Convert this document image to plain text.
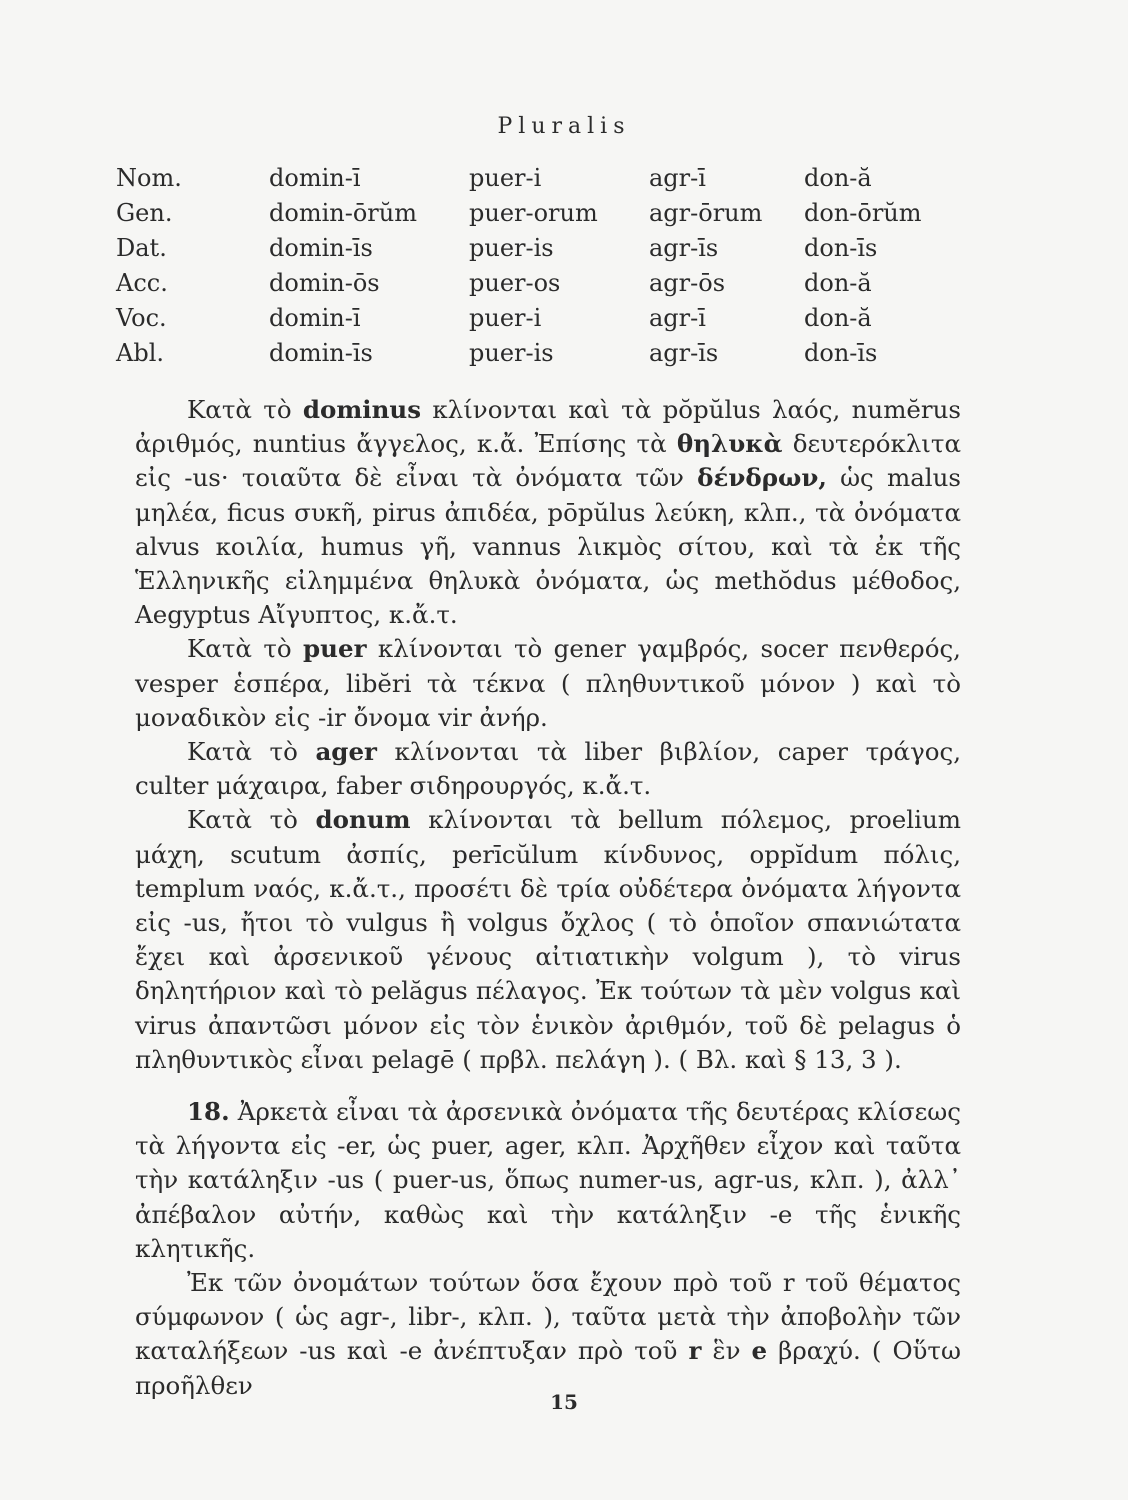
Pluralis
Nom.	domin-ī	puer-i	agr-ī	don-ă
Gen.	domin-ōrŭm	puer-orum	agr-ōrum	don-ōrŭm
Dat.	domin-īs	puer-is	agr-īs	don-īs
Acc.	domin-ōs	puer-os	agr-ōs	don-ă
Voc.	domin-ī	puer-i	agr-ī	don-ă
Abl.	domin-īs	puer-is	agr-īs	don-īs

Κατὰ τὸ dominus κλίνονται καὶ τὰ pŏpŭlus λαός, numĕrus ἀριθμός, nuntius ἄγγελος, κ.ἄ. Ἐπίσης τὰ θηλυκὰ δευτερόκλιτα εἰς -us· τοιαῦτα δὲ εἶναι τὰ ὀνόματα τῶν δένδρων, ὡς malus μηλέα, ficus συκῆ, pirus ἀπιδέα, pōpŭlus λεύκη, κλπ., τὰ ὀνόματα alvus κοιλία, humus γῆ, vannus λικμὸς σίτου, καὶ τὰ ἐκ τῆς Ἑλληνικῆς εἰλημμένα θηλυκὰ ὀνόματα, ὡς methŏdus μέθοδος, Aegyptus Αἴγυπτος, κ.ἄ.τ.

Κατὰ τὸ puer κλίνονται τὸ gener γαμβρός, socer πενθερός, vesper ἑσπέρα, libĕri τὰ τέκνα ( πληθυντικοῦ μόνον ) καὶ τὸ μοναδικὸν εἰς -ir ὄνομα vir ἀνήρ.

Κατὰ τὸ ager κλίνονται τὰ liber βιβλίον, caper τράγος, culter μάχαιρα, faber σιδηρουργός, κ.ἄ.τ.

Κατὰ τὸ donum κλίνονται τὰ bellum πόλεμος, proelium μάχη, scutum ἀσπίς, perīcŭlum κίνδυνος, oppĭdum πόλις, templum ναός, κ.ἄ.τ., προσέτι δὲ τρία οὐδέτερα ὀνόματα λήγοντα εἰς -us, ἤτοι τὸ vulgus ἢ volgus ὄχλος ( τὸ ὁποῖον σπανιώτατα ἔχει καὶ ἀρσενικοῦ γένους αἰτιατικὴν volgum ), τὸ virus δηλητήριον καὶ τὸ pelăgus πέλαγος. Ἐκ τούτων τὰ μὲν volgus καὶ virus ἀπαντῶσι μόνον εἰς τὸν ἑνικὸν ἀριθμόν, τοῦ δὲ pelagus ὁ πληθυντικὸς εἶναι pelagē ( πρβλ. πελάγη ). ( Βλ. καὶ § 13, 3 ).

18. Ἀρκετὰ εἶναι τὰ ἀρσενικὰ ὀνόματα τῆς δευτέρας κλίσεως τὰ λήγοντα εἰς -er, ὡς puer, ager, κλπ. Ἀρχῆθεν εἶχον καὶ ταῦτα τὴν κατάληξιν -us ( puer-us, ὅπως numer-us, agr-us, κλπ. ), ἀλλ᾽ ἀπέβαλον αὐτήν, καθὼς καὶ τὴν κατάληξιν -e τῆς ἑνικῆς κλητικῆς.

Ἐκ τῶν ὀνομάτων τούτων ὅσα ἔχουν πρὸ τοῦ r τοῦ θέματος σύμφωνον ( ὡς agr-, libr-, κλπ. ), ταῦτα μετὰ τὴν ἀποβολὴν τῶν καταλήξεων -us καὶ -e ἀνέπτυξαν πρὸ τοῦ r ἓν e βραχύ. ( Οὕτω προῆλθεν

15
